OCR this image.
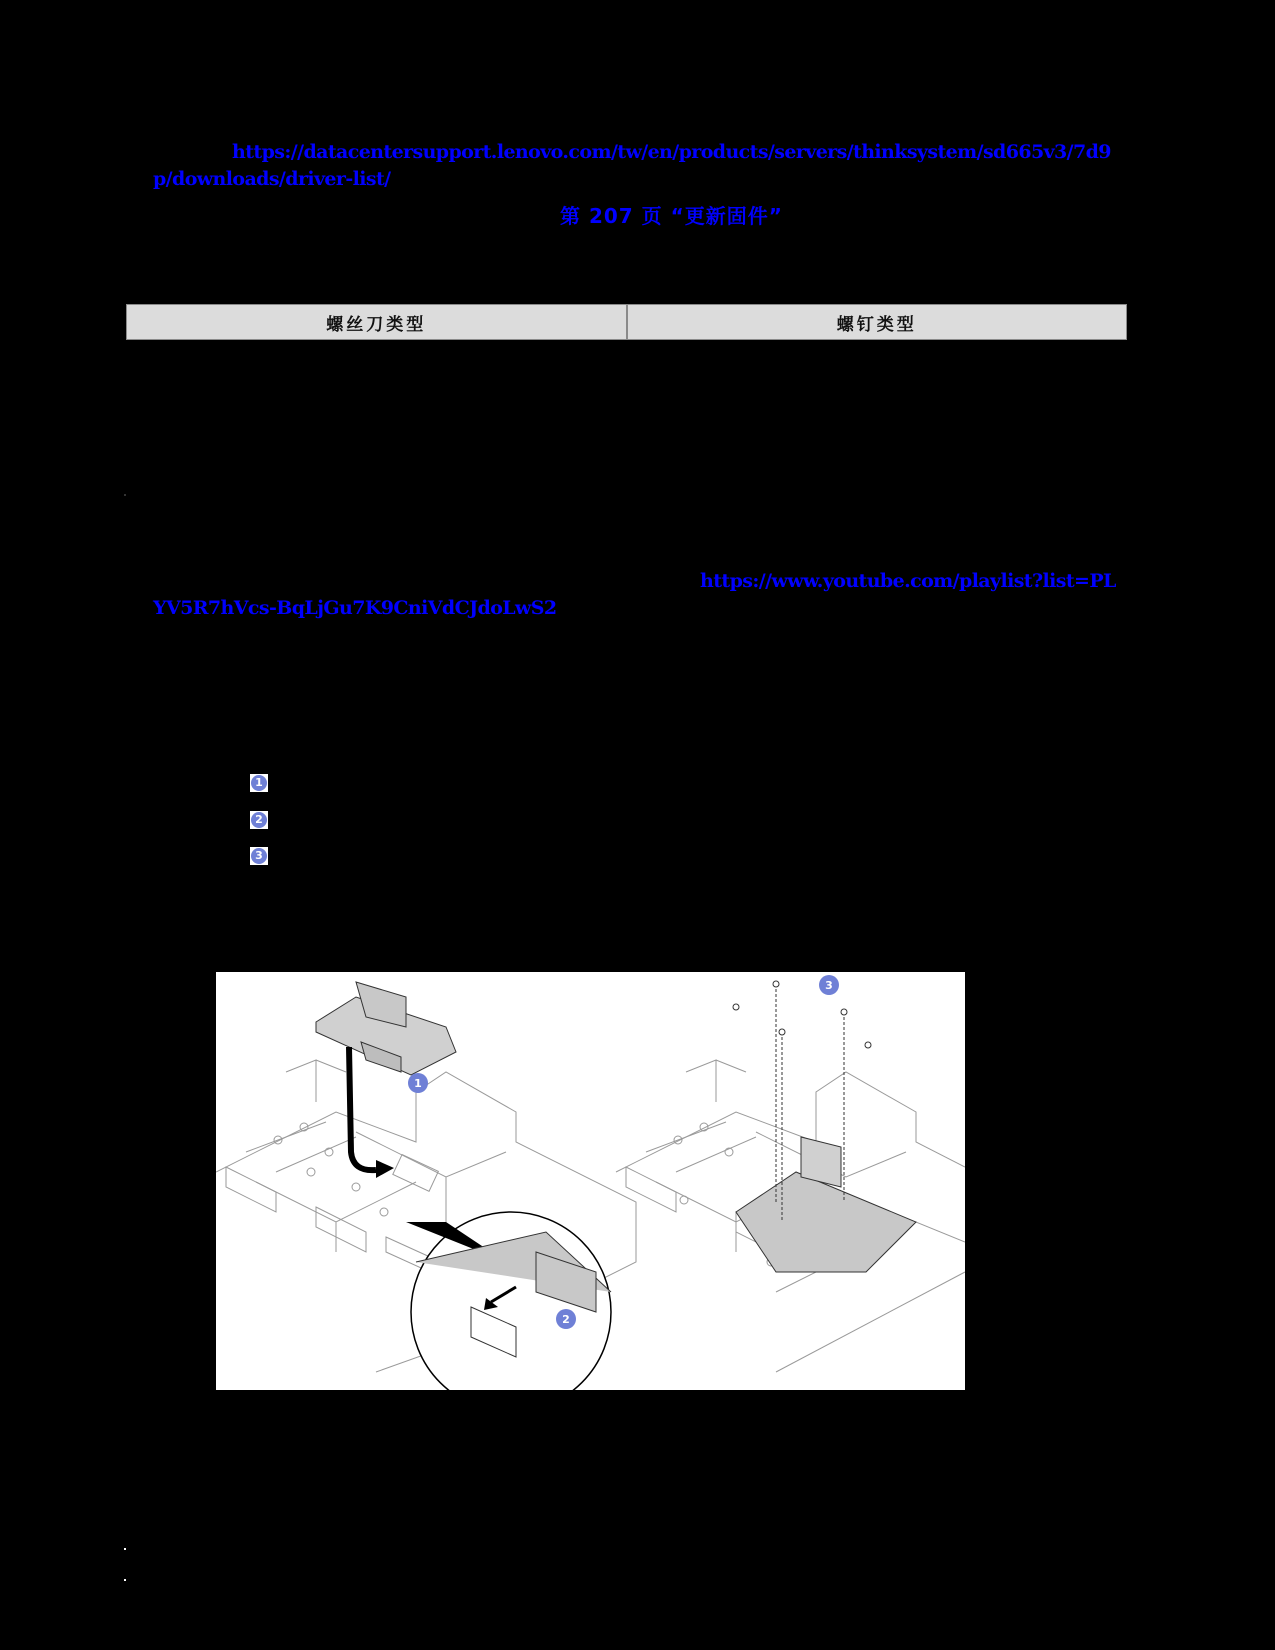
https://datacentersupport.lenovo.com/tw/en/products/servers/thinksystem/sd665v3/7d9
p/downloads/driver-list/
第 207 页 “更新固件”
螺丝刀类型	螺钉类型
https://www.youtube.com/playlist?list=PL
YV5R7hVcs-BqLjGu7K9CniVdCJdoLwS2
1
2
3
1
2
3
